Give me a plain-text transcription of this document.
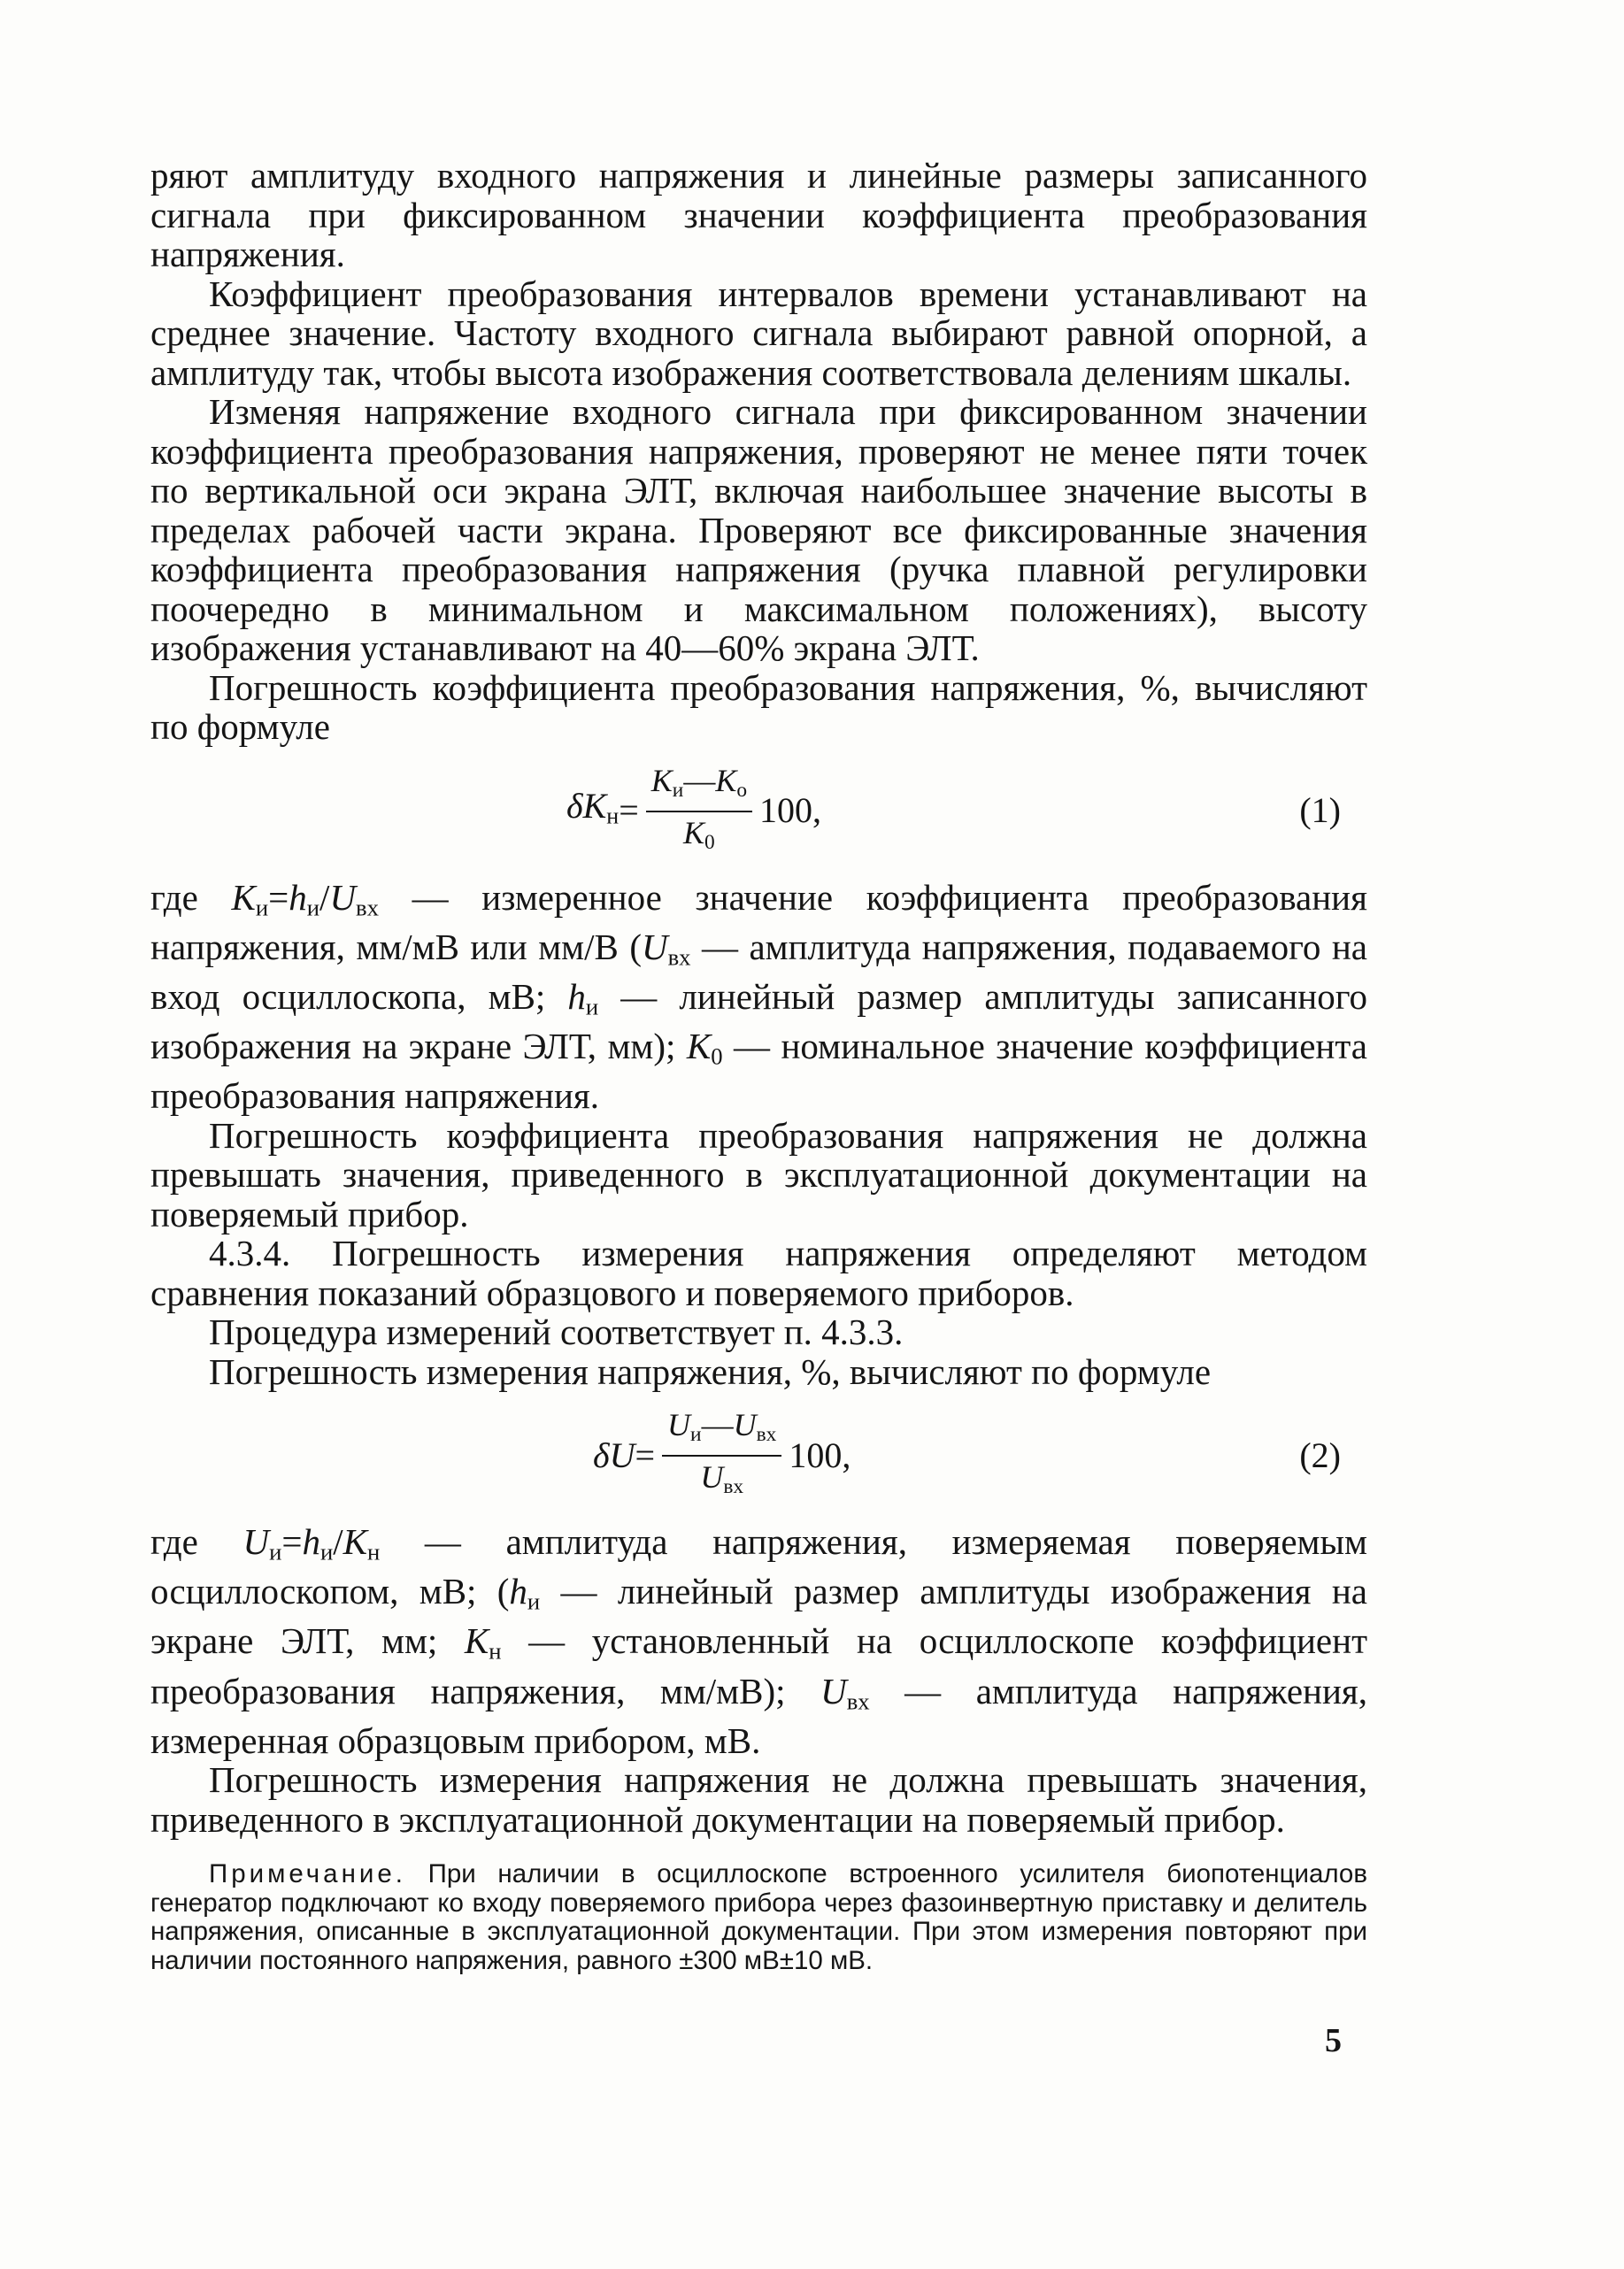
ряют амплитуду входного напряжения и линейные размеры записанного сигнала при фиксированном значении коэффициента преобразования напряжения.

Коэффициент преобразования интервалов времени устанавливают на среднее значение. Частоту входного сигнала выбирают равной опорной, а амплитуду так, чтобы высота изображения соответствовала делениям шкалы.

Изменяя напряжение входного сигнала при фиксированном значении коэффициента преобразования напряжения, проверяют не менее пяти точек по вертикальной оси экрана ЭЛТ, включая наибольшее значение высоты в пределах рабочей части экрана. Проверяют все фиксированные значения коэффициента преобразования напряжения (ручка плавной регулировки поочередно в минимальном и максимальном положениях), высоту изображения устанавливают на 40—60% экрана ЭЛТ.

Погрешность коэффициента преобразования напряжения, %, вычисляют по формуле

$\delta K_н = \frac{K_и—K_о}{K_0} 100$,	(1)

где $K_и=h_и/U_{вх}$ — измеренное значение коэффициента преобразования напряжения, мм/мВ или мм/В ($U_{вх}$ — амплитуда напряжения, подаваемого на вход осциллоскопа, мВ; $h_и$ — линейный размер амплитуды записанного изображения на экране ЭЛТ, мм); $K_0$ — номинальное значение коэффициента преобразования напряжения.

Погрешность коэффициента преобразования напряжения не должна превышать значения, приведенного в эксплуатационной документации на поверяемый прибор.

4.3.4. Погрешность измерения напряжения определяют методом сравнения показаний образцового и поверяемого приборов.

Процедура измерений соответствует п. 4.3.3.

Погрешность измерения напряжения, %, вычисляют по формуле

$\delta U = \frac{U_и—U_{вх}}{U_{вх}} 100$,	(2)

где $U_и=h_и/K_н$ — амплитуда напряжения, измеряемая поверяемым осциллоскопом, мВ; ($h_и$ — линейный размер амплитуды изображения на экране ЭЛТ, мм; $K_н$ — установленный на осциллоскопе коэффициент преобразования напряжения, мм/мВ); $U_{вх}$ — амплитуда напряжения, измеренная образцовым прибором, мВ.

Погрешность измерения напряжения не должна превышать значения, приведенного в эксплуатационной документации на поверяемый прибор.

Примечание. При наличии в осциллоскопе встроенного усилителя биопотенциалов генератор подключают ко входу поверяемого прибора через фазоинвертную приставку и делитель напряжения, описанные в эксплуатационной документации. При этом измерения повторяют при наличии постоянного напряжения, равного ±300 мВ±10 мВ.

5
